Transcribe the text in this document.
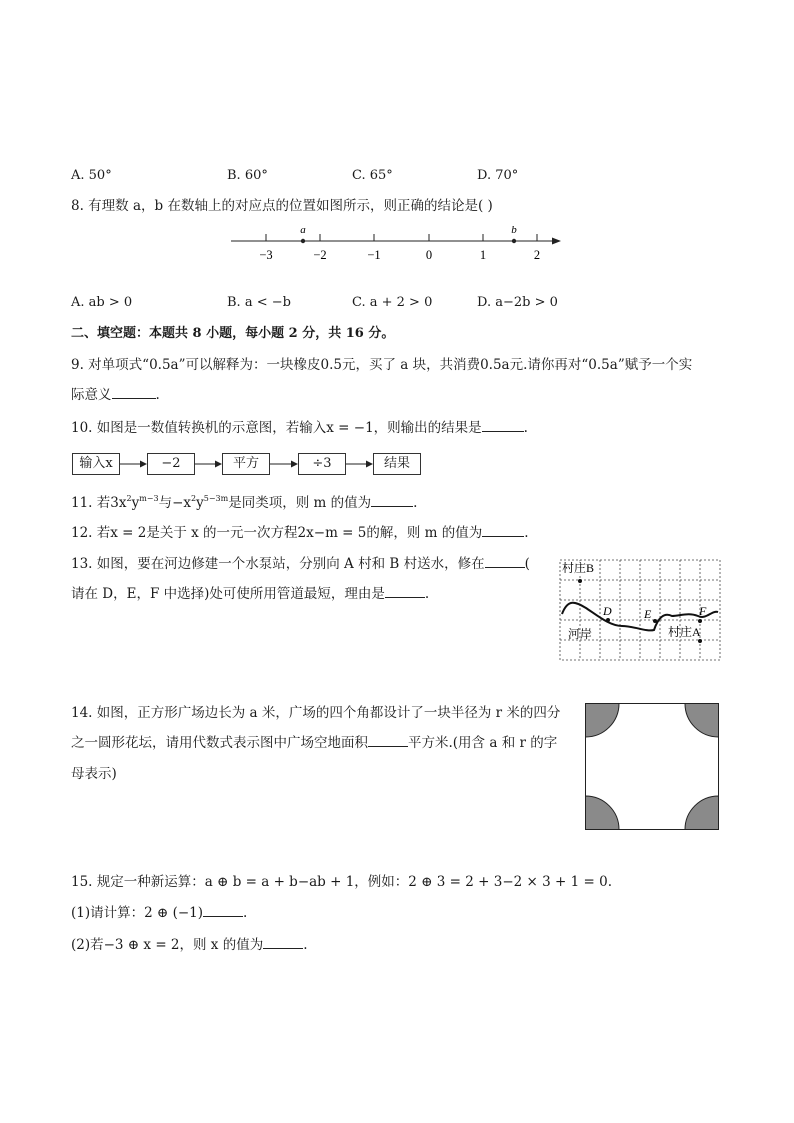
A. 50°	B. 60°	C. 65°	D. 70°
8. 有理数 a，b 在数轴上的对应点的位置如图所示，则正确的结论是( )
a	b
−3	−2	−1	0	1	2
A. ab > 0	B. a < −b	C. a + 2 > 0	D. a−2b > 0
二、填空题：本题共 8 小题，每小题 2 分，共 16 分。
9. 对单项式“0.5a”可以解释为：一块橡皮0.5元，买了 a 块，共消费0.5a元.请你再对“0.5a”赋予一个实
际意义	.
10. 如图是一数值转换机的示意图，若输入x = −1，则输出的结果是	.
输入x	−2	平方	÷3	结果
11. 若$3x^2y^{m-3}$与$-x^2y^{5-3m}$是同类项，则 m 的值为	.
12. 若x = 2是关于 x 的一元一次方程2x−m = 5的解，则 m 的值为	.
13. 如图，要在河边修建一个水泵站，分别向 A 村和 B 村送水，修在	(
请在 D，E，F 中选择)处可使所用管道最短，理由是	.
村庄B
D	E	F
河岸	村庄A
14. 如图，正方形广场边长为 a 米，广场的四个角都设计了一块半径为 r 米的四分
之一圆形花坛，请用代数式表示图中广场空地面积	平方米.(用含 a 和 r 的字
母表示)
15. 规定一种新运算：a ⊕ b = a + b−ab + 1，例如：2 ⊕ 3 = 2 + 3−2 × 3 + 1 = 0.
(1)请计算：2 ⊕ (−1)	.
(2)若−3 ⊕ x = 2，则 x 的值为	.
